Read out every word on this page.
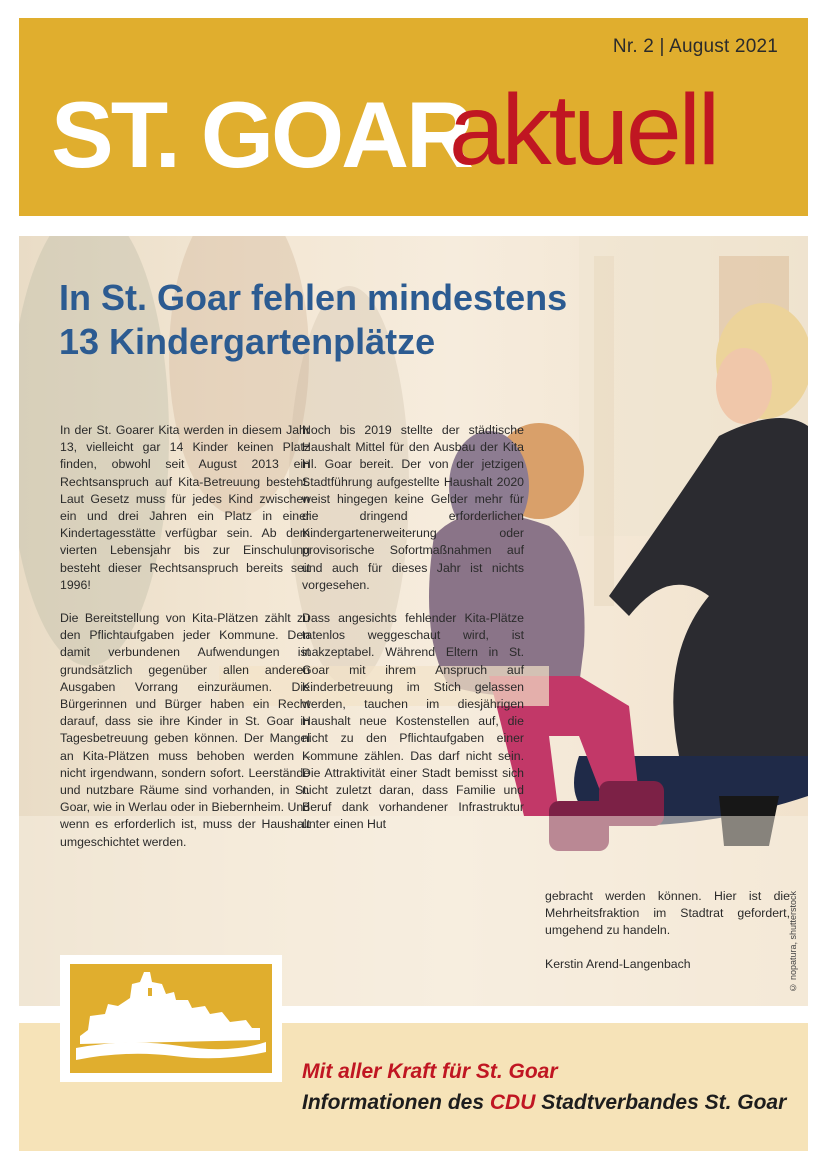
Nr. 2 | August 2021
ST. GOAR
aktuell
In St. Goar fehlen mindestens
13 Kindergartenplätze

In der St. Goarer Kita werden in diesem Jahr 13, vielleicht gar 14 Kinder keinen Platz finden, obwohl seit August 2013 ein Rechtsanspruch auf Kita-Betreuung besteht. Laut Gesetz muss für jedes Kind zwischen ein und drei Jahren ein Platz in einer Kindertagesstätte verfügbar sein. Ab dem vierten Lebensjahr bis zur Einschulung besteht dieser Rechtsanspruch bereits seit 1996!

Die Bereitstellung von Kita-Plätzen zählt zu den Pflichtaufgaben jeder Kommune. Den damit verbundenen Aufwendungen ist grundsätzlich gegenüber allen anderen Ausgaben Vorrang einzuräumen. Die Bürgerinnen und Bürger haben ein Recht darauf, dass sie ihre Kinder in St. Goar in Tagesbetreuung geben können. Der Mangel an Kita-Plätzen muss behoben werden – nicht irgendwann, sondern sofort. Leerstände und nutzbare Räume sind vorhanden, in St. Goar, wie in Werlau oder in Biebernheim. Und wenn es erforderlich ist, muss der Haushalt umgeschichtet werden.

Noch bis 2019 stellte der städtische Haushalt Mittel für den Ausbau der Kita Hl. Goar bereit. Der von der jetzigen Stadtführung aufgestellte Haushalt 2020 weist hingegen keine Gelder mehr für die dringend erforderlichen Kindergartenerweiterung oder provisorische Sofortmaßnahmen auf und auch für dieses Jahr ist nichts vorgesehen.

Dass angesichts fehlender Kita-Plätze tatenlos weggeschaut wird, ist inakzeptabel. Während Eltern in St. Goar mit ihrem Anspruch auf Kinderbetreuung im Stich gelassen werden, tauchen im diesjährigen Haushalt neue Kostenstellen auf, die nicht zu den Pflichtaufgaben einer Kommune zählen. Das darf nicht sein. Die Attraktivität einer Stadt bemisst sich nicht zuletzt daran, dass Familie und Beruf dank vorhandener Infrastruktur unter einen Hut

gebracht werden können. Hier ist die Mehrheitsfraktion im Stadtrat gefordert, umgehend zu handeln.

Kerstin Arend-Langenbach	© nopatura, shutterstock
Mit aller Kraft für St. Goar
Informationen des CDU Stadtverbandes St. Goar
